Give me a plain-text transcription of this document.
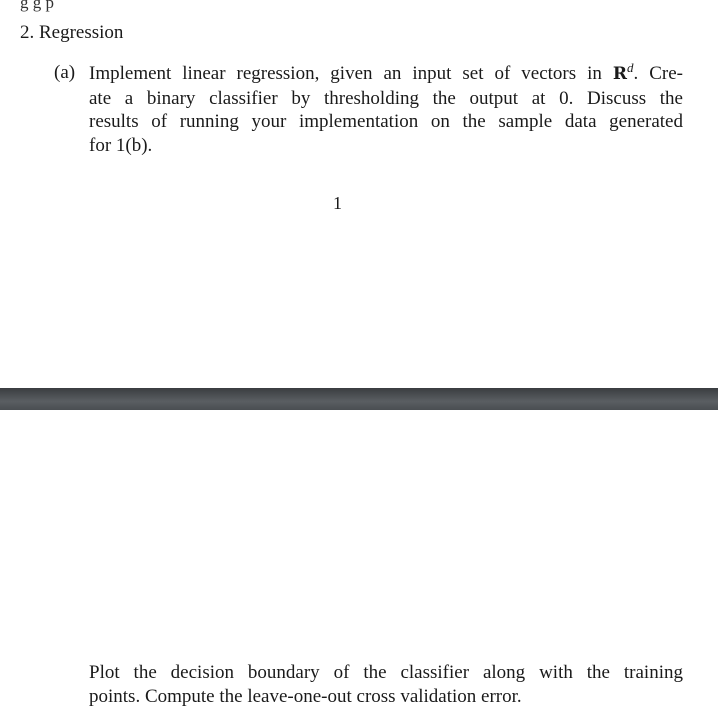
g g p
2. Regression
(a) Implement linear regression, given an input set of vectors in $R^d$. Cre-
ate a binary classifier by thresholding the output at 0. Discuss the
results of running your implementation on the sample data generated
for 1(b).
1
Plot the decision boundary of the classifier along with the training
points. Compute the leave-one-out cross validation error.
